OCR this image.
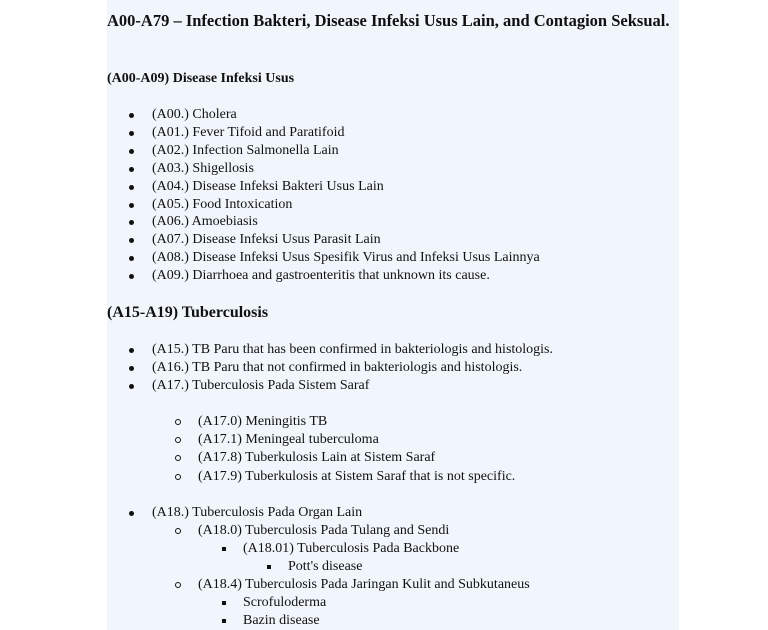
A00-A79 – Infection Bakteri, Disease Infeksi Usus Lain, and Contagion Seksual.
(A00-A09) Disease Infeksi Usus
(A00.) Cholera
(A01.) Fever Tifoid and Paratifoid
(A02.) Infection Salmonella Lain
(A03.) Shigellosis
(A04.) Disease Infeksi Bakteri Usus Lain
(A05.) Food Intoxication
(A06.) Amoebiasis
(A07.) Disease Infeksi Usus Parasit Lain
(A08.) Disease Infeksi Usus Spesifik Virus and Infeksi Usus Lainnya
(A09.) Diarrhoea and gastroenteritis that unknown its cause.
(A15-A19) Tuberculosis
(A15.) TB Paru that has been confirmed in bakteriologis and histologis.
(A16.) TB Paru that not confirmed in bakteriologis and histologis.
(A17.) Tuberculosis Pada Sistem Saraf
(A17.0) Meningitis TB
(A17.1) Meningeal tuberculoma
(A17.8) Tuberkulosis Lain at Sistem Saraf
(A17.9) Tuberkulosis at Sistem Saraf that is not specific.
(A18.) Tuberculosis Pada Organ Lain
(A18.0) Tuberculosis Pada Tulang and Sendi
(A18.01) Tuberculosis Pada Backbone
Pott's disease
(A18.4) Tuberculosis Pada Jaringan Kulit and Subkutaneus
Scrofuloderma
Bazin disease
